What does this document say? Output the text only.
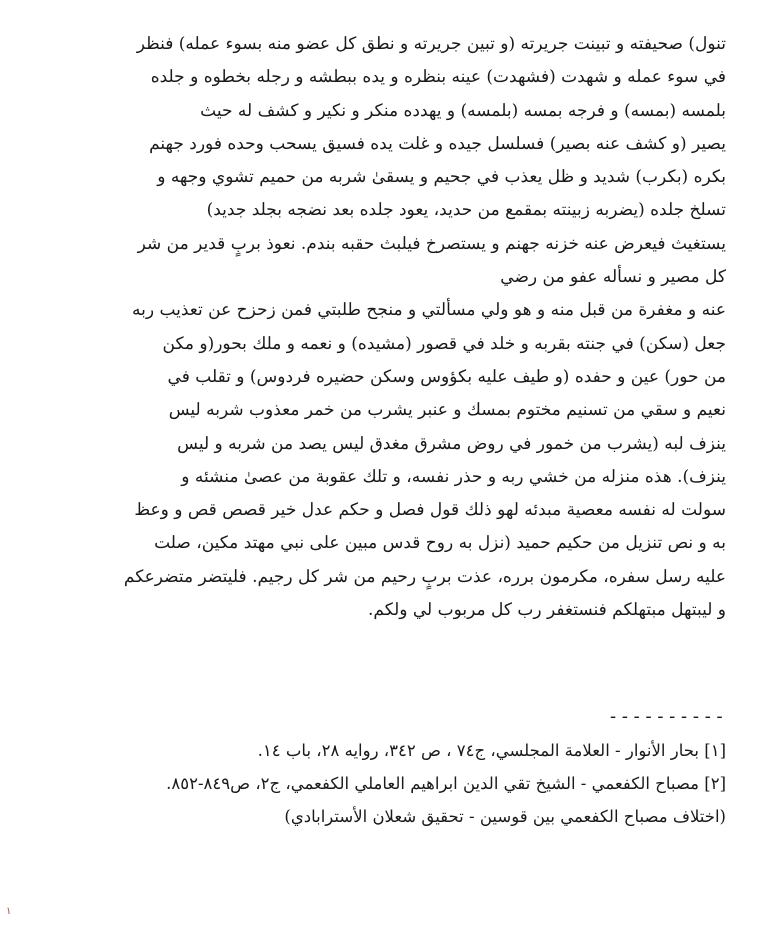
تنول) صحيفته و تبينت جريرته (و تبين جريرته و نطق كل عضو منه بسوء عمله) فنظر
في سوء عمله و شهدت (فشهدت) عينه بنظره و يده ببطشه و رجله بخطوه و جلده
بلمسه (بمسه) و فرجه بمسه (بلمسه) و يهدده منكر و نكير و كشف له حيث
يصير (و كشف عنه بصير) فسلسل جيده و غلت يده فسيق يسحب وحده فورد جهنم
بكره (بكرب) شديد و ظل يعذب في جحيم و يسقىٰ شربه من حميم تشوي وجهه و
تسلخ جلده (يضربه زبينته بمقمع من حديد، يعود جلده بعد نضجه بجلد جديد)
يستغيث فيعرض عنه خزنه جهنم و يستصرخ فيلبث حقبه بندم. نعوذ بربٍ قدير من شر
كل مصير و نسأله عفو من رضي
عنه و مغفرة من قبل منه و هو ولي مسألتي و منجح طلبتي فمن زحزح عن تعذيب ربه
جعل (سكن) في جنته بقربه و خلد في قصور (مشيده) و نعمه و ملك بحور(و مكن
من حور) عين و حفده (و طيف عليه بكؤوس وسكن حضيره فردوس) و تقلب في
نعيم و سقي من تسنيم مختوم بمسك و عنبر يشرب من خمر معذوب شربه ليس
ينزف لبه (يشرب من خمور في روض مشرق مغدق ليس يصد من شربه و ليس
ينزف). هذه منزله من خشي ربه و حذر نفسه، و تلك عقوبة من عصىٰ منشئه و
سولت له نفسه معصية مبدئه لهو ذلك قول فصل و حكم عدل خير قصص قص و وعظ
به و نص تنزيل من حكيم حميد (نزل به روح قدس مبين على نبي مهتد مكين، صلت
عليه رسل سفره، مكرمون برره، عذت بربٍ رحيم من شر كل رجيم. فليتضر متضرعكم
و ليبتهل مبتهلكم فنستغفر رب كل مربوب لي ولكم.
----------
[١] بحار الأنوار - العلامة المجلسي، ج٧٤ ، ص ٣٤٢، روايه ٢٨، باب ١٤.
[٢] مصباح الكفعمي - الشيخ تقي الدين ابراهيم العاملي الكفعمي، ج٢، ص٨٤٩-٨٥٢.
(اختلاف مصباح الكفعمي بين قوسين - تحقيق شعلان الأسترابادي)
١
